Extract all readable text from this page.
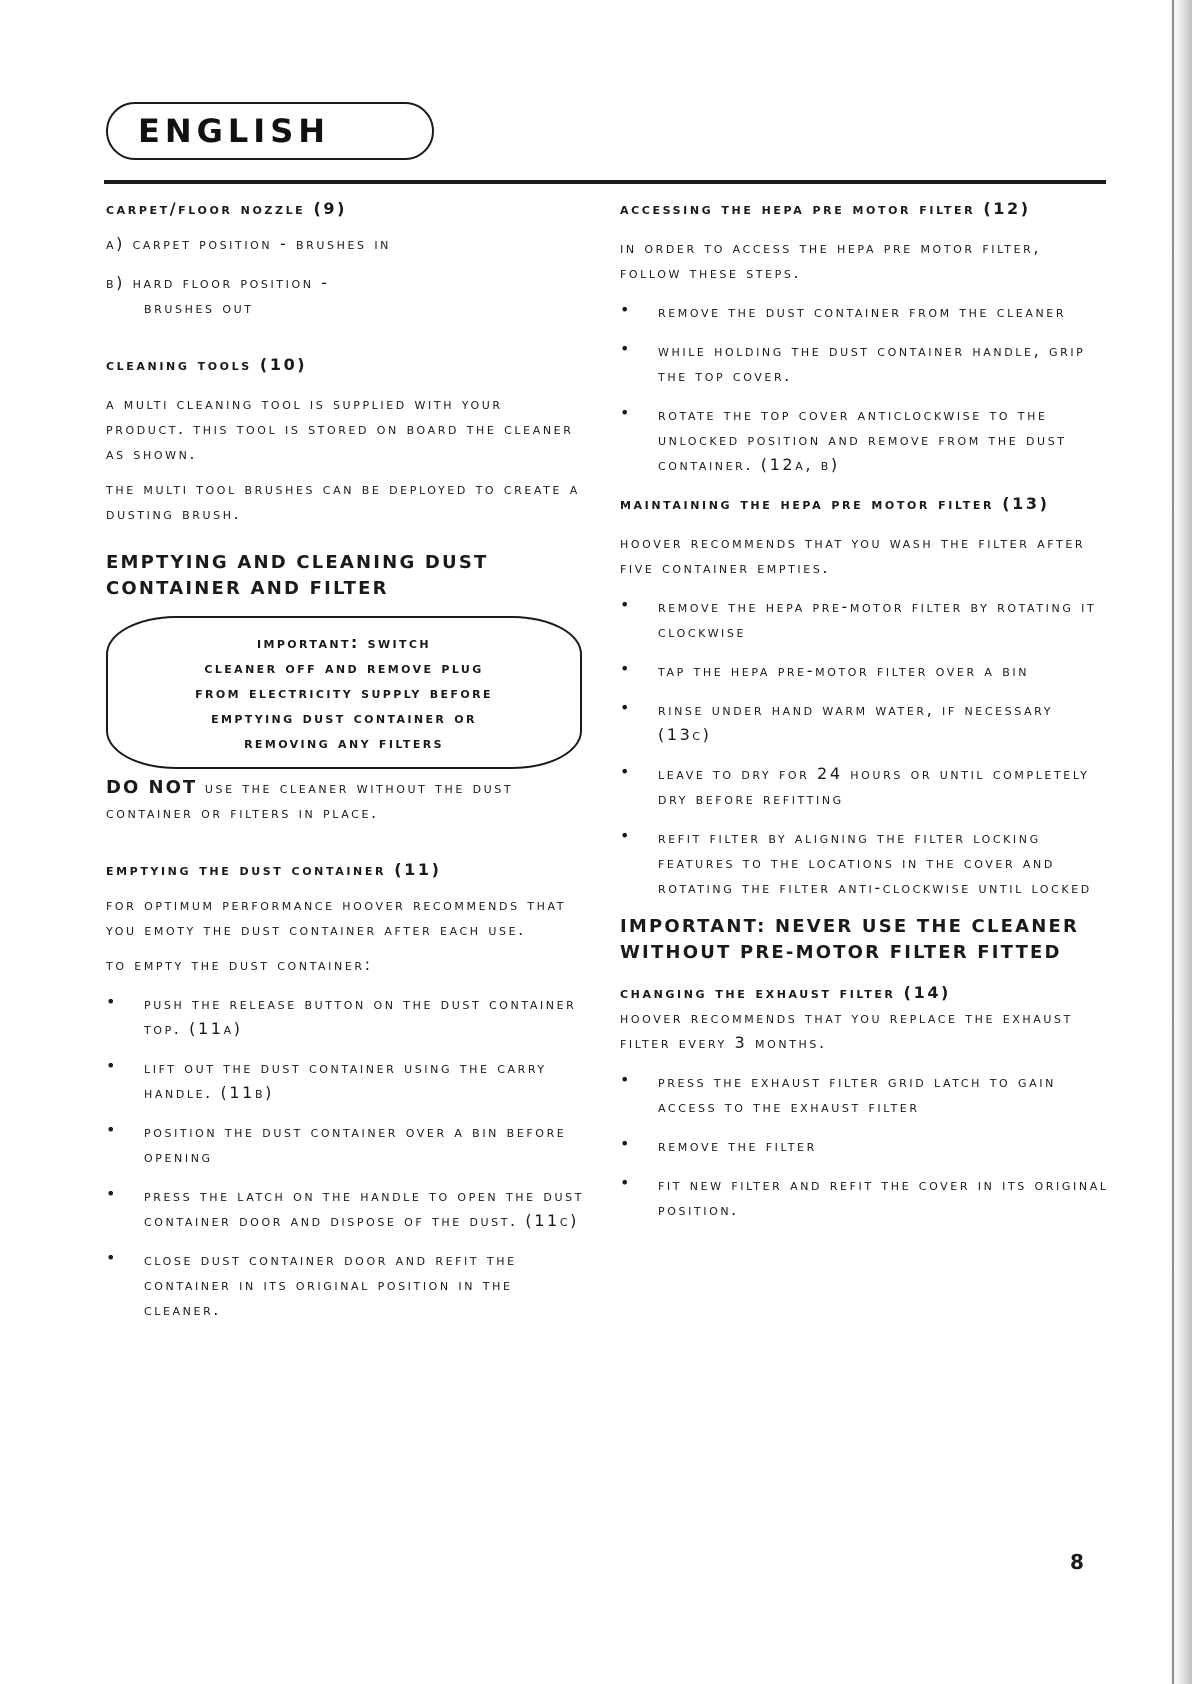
ENGLISH

carpet/floor nozzle (9)

a) carpet position - brushes in

b) hard floor position -

brushes out

cleaning tools (10)

a multi cleaning tool is supplied with your product. this tool is stored on board the cleaner as shown.

the multi tool brushes can be deployed to create a dusting brush.

EMPTYING AND CLEANING DUST CONTAINER AND FILTER

important: switch

cleaner off and remove plug

from electricity supply before

emptying dust container or

removing any filters

DO NOT use the cleaner without the dust container or filters in place.

emptying the dust container (11)

for optimum performance hoover recommends that you emoty the dust container after each use.

to empty the dust container:

• push the release button on the dust container top. (11a)

• lift out the dust container using the carry handle. (11b)

• position the dust container over a bin before opening

• press the latch on the handle to open the dust container door and dispose of the dust. (11c)

• close dust container door and refit the container in its original position in the cleaner.

accessing the hepa pre motor filter (12)

in order to access the hepa pre motor filter, follow these steps.

• remove the dust container from the cleaner

• while holding the dust container handle, grip the top cover.

• rotate the top cover anticlockwise to the unlocked position and remove from the dust container. (12a, b)

maintaining the hepa pre motor filter (13)

hoover recommends that you wash the filter after five container empties.

• remove the hepa pre-motor filter by rotating it clockwise

• tap the hepa pre-motor filter over a bin

• rinse under hand warm water, if necessary (13c)

• leave to dry for 24 hours or until completely dry before refitting

• refit filter by aligning the filter locking features to the locations in the cover and rotating the filter anti-clockwise until locked

IMPORTANT: NEVER USE THE CLEANER WITHOUT PRE-MOTOR FILTER FITTED

changing the exhaust filter (14)

hoover recommends that you replace the exhaust filter every 3 months.

• press the exhaust filter grid latch to gain access to the exhaust filter

• remove the filter

• fit new filter and refit the cover in its original position.

8
